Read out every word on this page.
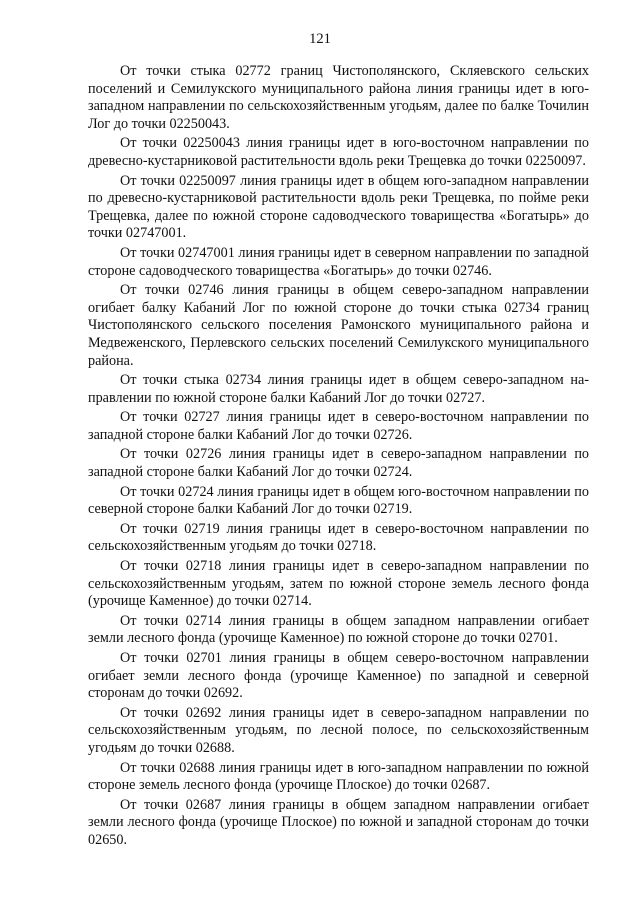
121

От точки стыка 02772 границ Чистополянского, Скляевского сельских поселений и Семилукского муниципального района линия границы идет в юго-западном направлении по сельскохозяйственным угодьям, далее по балке Точилин Лог до точки 02250043.

От точки 02250043 линия границы идет в юго-восточном направлении по древесно-кустарниковой растительности вдоль реки Трещевка до точки 02250097.

От точки 02250097 линия границы идет в общем юго-западном направлении по древесно-кустарниковой растительности вдоль реки Трещевка, по пойме реки Трещевка, далее по южной стороне садоводческого товарищества «Богатырь» до точки 02747001.

От точки 02747001 линия границы идет в северном направлении по западной стороне садоводческого товарищества «Богатырь» до точки 02746.

От точки 02746 линия границы в общем северо-западном направлении огибает балку Кабаний Лог по южной стороне до точки стыка 02734 границ Чистополянского сельского поселения Рамонского муниципального района и Медвеженского, Перлевского сельских поселений Семилукского муниципального района.

От точки стыка 02734 линия границы идет в общем северо-западном направлении по южной стороне балки Кабаний Лог до точки 02727.

От точки 02727 линия границы идет в северо-восточном направлении по западной стороне балки Кабаний Лог до точки 02726.

От точки 02726 линия границы идет в северо-западном направлении по западной стороне балки Кабаний Лог до точки 02724.

От точки 02724 линия границы идет в общем юго-восточном направлении по северной стороне балки Кабаний Лог до точки 02719.

От точки 02719 линия границы идет в северо-восточном направлении по сельскохозяйственным угодьям до точки 02718.

От точки 02718 линия границы идет в северо-западном направлении по сельскохозяйственным угодьям, затем по южной стороне земель лесного фонда (урочище Каменное) до точки 02714.

От точки 02714 линия границы в общем западном направлении огибает земли лесного фонда (урочище Каменное) по южной стороне до точки 02701.

От точки 02701 линия границы в общем северо-восточном направлении огибает земли лесного фонда (урочище Каменное) по западной и северной сторонам до точки 02692.

От точки 02692 линия границы идет в северо-западном направлении по сельскохозяйственным угодьям, по лесной полосе, по сельскохозяйственным угодьям до точки 02688.

От точки 02688 линия границы идет в юго-западном направлении по южной стороне земель лесного фонда (урочище Плоское) до точки 02687.

От точки 02687 линия границы в общем западном направлении огибает земли лесного фонда (урочище Плоское) по южной и западной сторонам до точки 02650.
